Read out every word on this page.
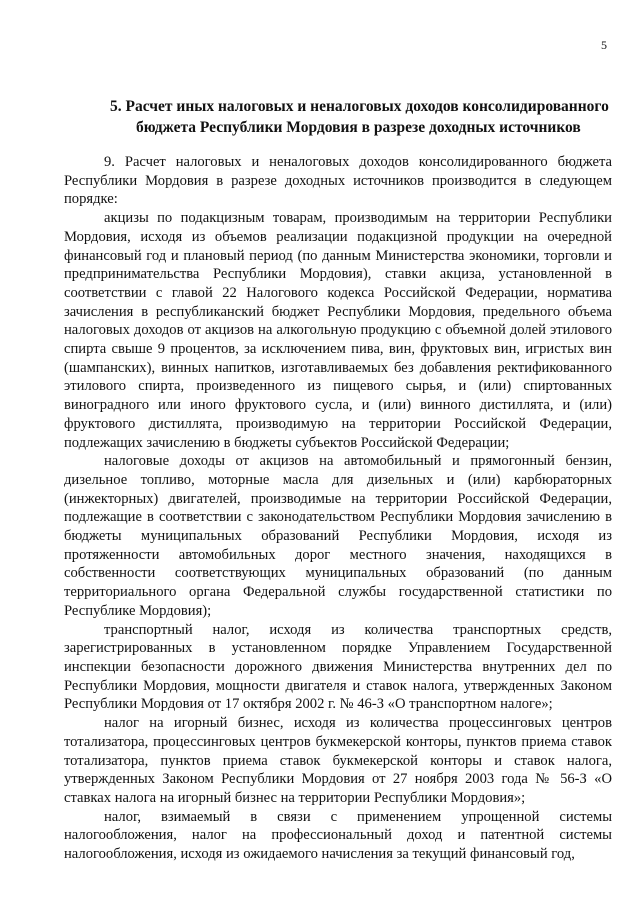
5
5. Расчет иных налоговых и неналоговых доходов консолидированного
бюджета Республики Мордовия в разрезе доходных источников

9. Расчет налоговых и неналоговых доходов консолидированного бюджета Республики Мордовия в разрезе доходных источников производится в следующем порядке:

акцизы по подакцизным товарам, производимым на территории Республики Мордовия, исходя из объемов реализации подакцизной продукции на очередной финансовый год и плановый период (по данным Министерства экономики, торговли и предпринимательства Республики Мордовия), ставки акциза, установленной в соответствии с главой 22 Налогового кодекса Российской Федерации, норматива зачисления в республиканский бюджет Республики Мордовия, предельного объема налоговых доходов от акцизов на алкогольную продукцию с объемной долей этилового спирта свыше 9 процентов, за исключением пива, вин, фруктовых вин, игристых вин (шампанских), винных напитков, изготавливаемых без добавления ректификованного этилового спирта, произведенного из пищевого сырья, и (или) спиртованных виноградного или иного фруктового сусла, и (или) винного дистиллята, и (или) фруктового дистиллята, производимую на территории Российской Федерации, подлежащих зачислению в бюджеты субъектов Российской Федерации;

налоговые доходы от акцизов на автомобильный и прямогонный бензин, дизельное топливо, моторные масла для дизельных и (или) карбюраторных (инжекторных) двигателей, производимые на территории Российской Федерации, подлежащие в соответствии с законодательством Республики Мордовия зачислению в бюджеты муниципальных образований Республики Мордовия, исходя из протяженности автомобильных дорог местного значения, находящихся в собственности соответствующих муниципальных образований (по данным территориального органа Федеральной службы государственной статистики по Республике Мордовия);

транспортный налог, исходя из количества транспортных средств, зарегистрированных в установленном порядке Управлением Государственной инспекции безопасности дорожного движения Министерства внутренних дел по Республики Мордовия, мощности двигателя и ставок налога, утвержденных Законом Республики Мордовия от 17 октября 2002 г. № 46-З «О транспортном налоге»;

налог на игорный бизнес, исходя из количества процессинговых центров тотализатора, процессинговых центров букмекерской конторы, пунктов приема ставок тотализатора, пунктов приема ставок букмекерской конторы и ставок налога, утвержденных Законом Республики Мордовия от 27 ноября 2003 года № 56-З «О ставках налога на игорный бизнес на территории Республики Мордовия»;

налог, взимаемый в связи с применением упрощенной системы налогообложения, налог на профессиональный доход и патентной системы налогообложения, исходя из ожидаемого начисления за текущий финансовый год,
